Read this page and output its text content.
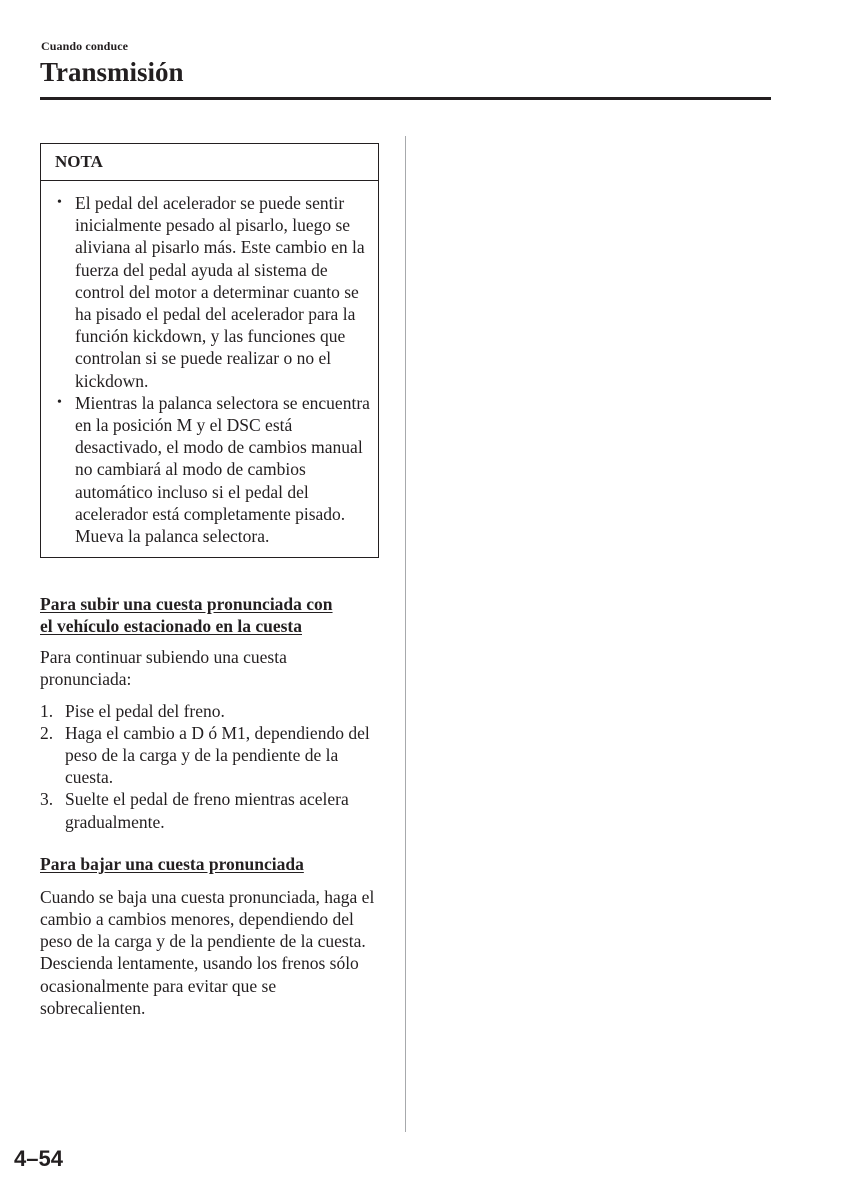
Cuando conduce
Transmisión
NOTA
• El pedal del acelerador se puede sentir inicialmente pesado al pisarlo, luego se aliviana al pisarlo más. Este cambio en la fuerza del pedal ayuda al sistema de control del motor a determinar cuanto se ha pisado el pedal del acelerador para la función kickdown, y las funciones que controlan si se puede realizar o no el kickdown.
• Mientras la palanca selectora se encuentra en la posición M y el DSC está desactivado, el modo de cambios manual no cambiará al modo de cambios automático incluso si el pedal del acelerador está completamente pisado. Mueva la palanca selectora.
Para subir una cuesta pronunciada con
el vehículo estacionado en la cuesta

Para continuar subiendo una cuesta pronunciada:

1. Pise el pedal del freno.
2. Haga el cambio a D ó M1, dependiendo del peso de la carga y de la pendiente de la cuesta.
3. Suelte el pedal de freno mientras acelera gradualmente.
Para bajar una cuesta pronunciada

Cuando se baja una cuesta pronunciada, haga el cambio a cambios menores, dependiendo del peso de la carga y de la pendiente de la cuesta. Descienda lentamente, usando los frenos sólo ocasionalmente para evitar que se sobrecalienten.

4–54
